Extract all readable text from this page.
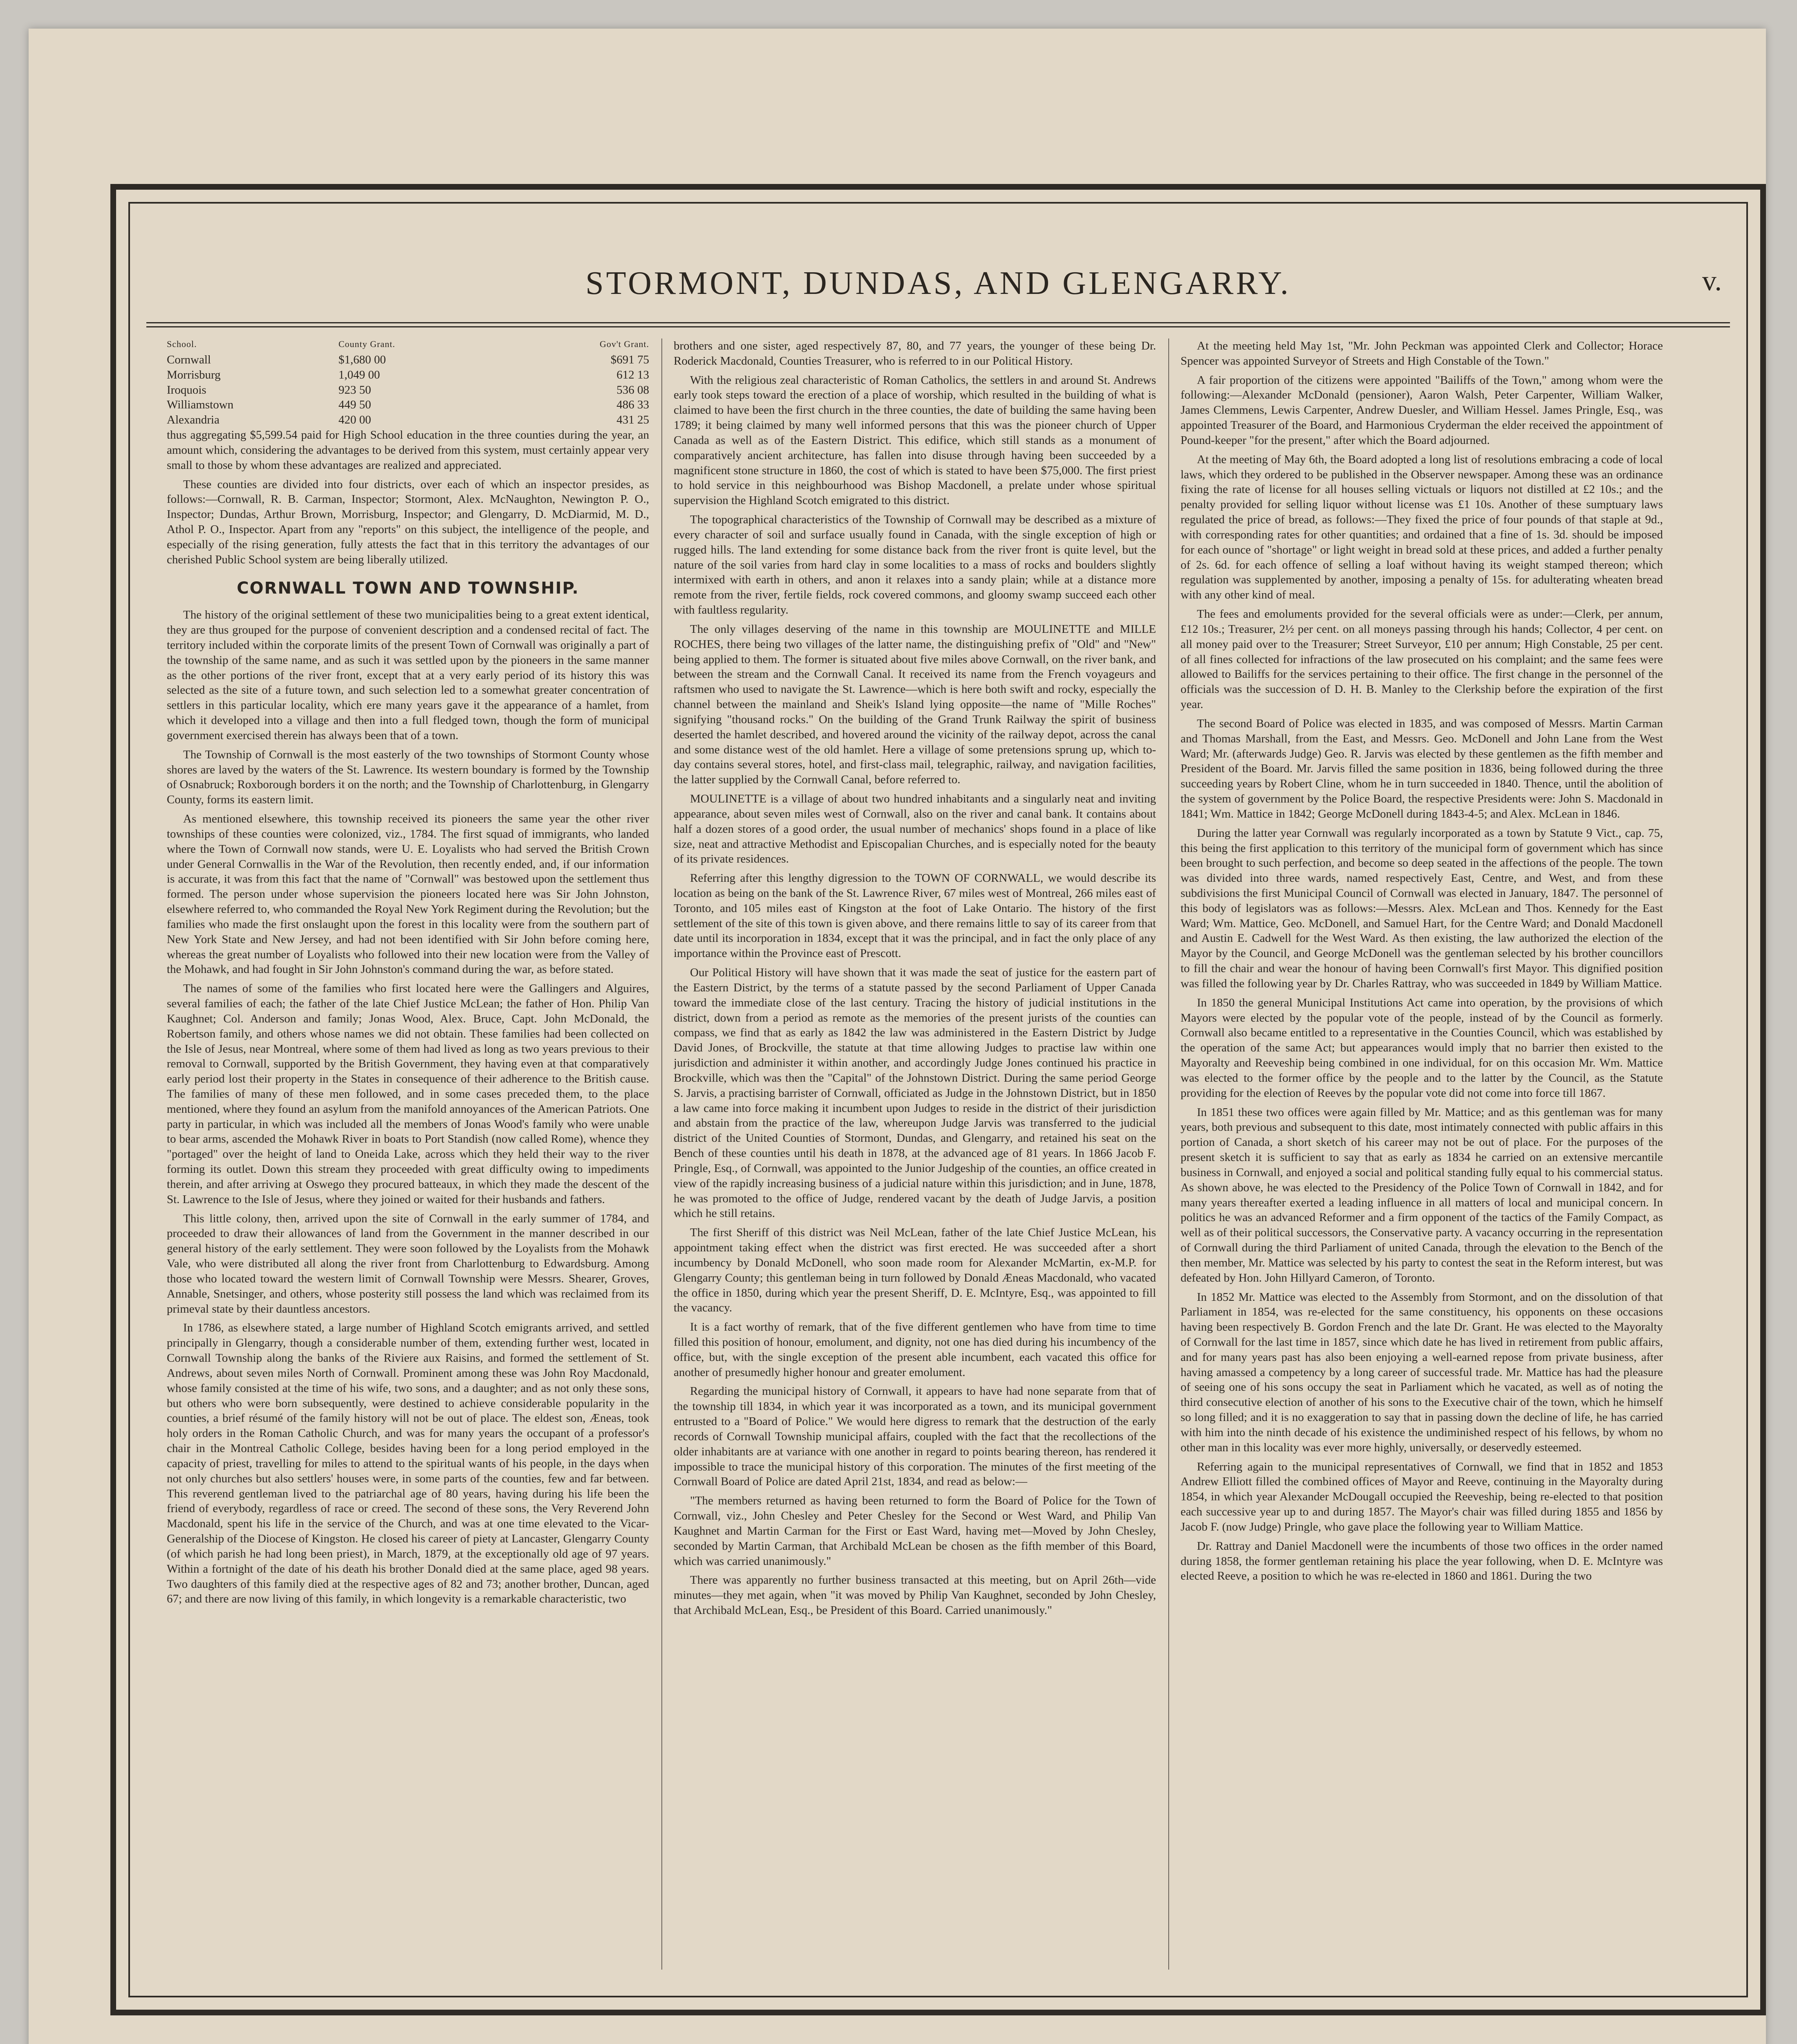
STORMONT, DUNDAS, AND GLENGARRY.	v.
School.	County Grant.	Gov't Grant.
Cornwall	$1,680 00	$691 75
Morrisburg	1,049 00	612 13
Iroquois	923 50	536 08
Williamstown	449 50	486 33
Alexandria	420 00	431 25

thus aggregating $5,599.54 paid for High School education in the three counties during the year, an amount which, considering the advantages to be derived from this system, must certainly appear very small to those by whom these advantages are realized and appreciated.

These counties are divided into four districts, over each of which an inspector presides, as follows:—Cornwall, R. B. Carman, Inspector; Stormont, Alex. McNaughton, Newington P. O., Inspector; Dundas, Arthur Brown, Morrisburg, Inspector; and Glengarry, D. McDiarmid, M. D., Athol P. O., Inspector. Apart from any "reports" on this subject, the intelligence of the people, and especially of the rising generation, fully attests the fact that in this territory the advantages of our cherished Public School system are being liberally utilized.

CORNWALL TOWN AND TOWNSHIP.

The history of the original settlement of these two municipalities being to a great extent identical, they are thus grouped for the purpose of convenient description and a condensed recital of fact. The territory included within the corporate limits of the present Town of Cornwall was originally a part of the township of the same name, and as such it was settled upon by the pioneers in the same manner as the other portions of the river front, except that at a very early period of its history this was selected as the site of a future town, and such selection led to a somewhat greater concentration of settlers in this particular locality, which ere many years gave it the appearance of a hamlet, from which it developed into a village and then into a full fledged town, though the form of municipal government exercised therein has always been that of a town.

The Township of Cornwall is the most easterly of the two townships of Stormont County whose shores are laved by the waters of the St. Lawrence. Its western boundary is formed by the Township of Osnabruck; Roxborough borders it on the north; and the Township of Charlottenburg, in Glengarry County, forms its eastern limit.

As mentioned elsewhere, this township received its pioneers the same year the other river townships of these counties were colonized, viz., 1784. The first squad of immigrants, who landed where the Town of Cornwall now stands, were U. E. Loyalists who had served the British Crown under General Cornwallis in the War of the Revolution, then recently ended, and, if our information is accurate, it was from this fact that the name of "Cornwall" was bestowed upon the settlement thus formed. The person under whose supervision the pioneers located here was Sir John Johnston, elsewhere referred to, who commanded the Royal New York Regiment during the Revolution; but the families who made the first onslaught upon the forest in this locality were from the southern part of New York State and New Jersey, and had not been identified with Sir John before coming here, whereas the great number of Loyalists who followed into their new location were from the Valley of the Mohawk, and had fought in Sir John Johnston's command during the war, as before stated.

The names of some of the families who first located here were the Gallingers and Alguires, several families of each; the father of the late Chief Justice McLean; the father of Hon. Philip Van Kaughnet; Col. Anderson and family; Jonas Wood, Alex. Bruce, Capt. John McDonald, the Robertson family, and others whose names we did not obtain. These families had been collected on the Isle of Jesus, near Montreal, where some of them had lived as long as two years previous to their removal to Cornwall, supported by the British Government, they having even at that comparatively early period lost their property in the States in consequence of their adherence to the British cause. The families of many of these men followed, and in some cases preceded them, to the place mentioned, where they found an asylum from the manifold annoyances of the American Patriots. One party in particular, in which was included all the members of Jonas Wood's family who were unable to bear arms, ascended the Mohawk River in boats to Port Standish (now called Rome), whence they "portaged" over the height of land to Oneida Lake, across which they held their way to the river forming its outlet. Down this stream they proceeded with great difficulty owing to impediments therein, and after arriving at Oswego they procured batteaux, in which they made the descent of the St. Lawrence to the Isle of Jesus, where they joined or waited for their husbands and fathers.

This little colony, then, arrived upon the site of Cornwall in the early summer of 1784, and proceeded to draw their allowances of land from the Government in the manner described in our general history of the early settlement. They were soon followed by the Loyalists from the Mohawk Vale, who were distributed all along the river front from Charlottenburg to Edwardsburg. Among those who located toward the western limit of Cornwall Township were Messrs. Shearer, Groves, Annable, Snetsinger, and others, whose posterity still possess the land which was reclaimed from its primeval state by their dauntless ancestors.

In 1786, as elsewhere stated, a large number of Highland Scotch emigrants arrived, and settled principally in Glengarry, though a considerable number of them, extending further west, located in Cornwall Township along the banks of the Riviere aux Raisins, and formed the settlement of St. Andrews, about seven miles North of Cornwall. Prominent among these was John Roy Macdonald, whose family consisted at the time of his wife, two sons, and a daughter; and as not only these sons, but others who were born subsequently, were destined to achieve considerable popularity in the counties, a brief résumé of the family history will not be out of place. The eldest son, Æneas, took holy orders in the Roman Catholic Church, and was for many years the occupant of a professor's chair in the Montreal Catholic College, besides having been for a long period employed in the capacity of priest, travelling for miles to attend to the spiritual wants of his people, in the days when not only churches but also settlers' houses were, in some parts of the counties, few and far between. This reverend gentleman lived to the patriarchal age of 80 years, having during his life been the friend of everybody, regardless of race or creed. The second of these sons, the Very Reverend John Macdonald, spent his life in the service of the Church, and was at one time elevated to the Vicar-Generalship of the Diocese of Kingston. He closed his career of piety at Lancaster, Glengarry County (of which parish he had long been priest), in March, 1879, at the exceptionally old age of 97 years. Within a fortnight of the date of his death his brother Donald died at the same place, aged 98 years. Two daughters of this family died at the respective ages of 82 and 73; another brother, Duncan, aged 67; and there are now living of this family, in which longevity is a remarkable characteristic, two

brothers and one sister, aged respectively 87, 80, and 77 years, the younger of these being Dr. Roderick Macdonald, Counties Treasurer, who is referred to in our Political History.

With the religious zeal characteristic of Roman Catholics, the settlers in and around St. Andrews early took steps toward the erection of a place of worship, which resulted in the building of what is claimed to have been the first church in the three counties, the date of building the same having been 1789; it being claimed by many well informed persons that this was the pioneer church of Upper Canada as well as of the Eastern District. This edifice, which still stands as a monument of comparatively ancient architecture, has fallen into disuse through having been succeeded by a magnificent stone structure in 1860, the cost of which is stated to have been $75,000. The first priest to hold service in this neighbourhood was Bishop Macdonell, a prelate under whose spiritual supervision the Highland Scotch emigrated to this district.

The topographical characteristics of the Township of Cornwall may be described as a mixture of every character of soil and surface usually found in Canada, with the single exception of high or rugged hills. The land extending for some distance back from the river front is quite level, but the nature of the soil varies from hard clay in some localities to a mass of rocks and boulders slightly intermixed with earth in others, and anon it relaxes into a sandy plain; while at a distance more remote from the river, fertile fields, rock covered commons, and gloomy swamp succeed each other with faultless regularity.

The only villages deserving of the name in this township are MOULINETTE and MILLE ROCHES, there being two villages of the latter name, the distinguishing prefix of "Old" and "New" being applied to them. The former is situated about five miles above Cornwall, on the river bank, and between the stream and the Cornwall Canal. It received its name from the French voyageurs and raftsmen who used to navigate the St. Lawrence—which is here both swift and rocky, especially the channel between the mainland and Sheik's Island lying opposite—the name of "Mille Roches" signifying "thousand rocks." On the building of the Grand Trunk Railway the spirit of business deserted the hamlet described, and hovered around the vicinity of the railway depot, across the canal and some distance west of the old hamlet. Here a village of some pretensions sprung up, which to-day contains several stores, hotel, and first-class mail, telegraphic, railway, and navigation facilities, the latter supplied by the Cornwall Canal, before referred to.

MOULINETTE is a village of about two hundred inhabitants and a singularly neat and inviting appearance, about seven miles west of Cornwall, also on the river and canal bank. It contains about half a dozen stores of a good order, the usual number of mechanics' shops found in a place of like size, neat and attractive Methodist and Episcopalian Churches, and is especially noted for the beauty of its private residences.

Referring after this lengthy digression to the TOWN OF CORNWALL, we would describe its location as being on the bank of the St. Lawrence River, 67 miles west of Montreal, 266 miles east of Toronto, and 105 miles east of Kingston at the foot of Lake Ontario. The history of the first settlement of the site of this town is given above, and there remains little to say of its career from that date until its incorporation in 1834, except that it was the principal, and in fact the only place of any importance within the Province east of Prescott.

Our Political History will have shown that it was made the seat of justice for the eastern part of the Eastern District, by the terms of a statute passed by the second Parliament of Upper Canada toward the immediate close of the last century. Tracing the history of judicial institutions in the district, down from a period as remote as the memories of the present jurists of the counties can compass, we find that as early as 1842 the law was administered in the Eastern District by Judge David Jones, of Brockville, the statute at that time allowing Judges to practise law within one jurisdiction and administer it within another, and accordingly Judge Jones continued his practice in Brockville, which was then the "Capital" of the Johnstown District. During the same period George S. Jarvis, a practising barrister of Cornwall, officiated as Judge in the Johnstown District, but in 1850 a law came into force making it incumbent upon Judges to reside in the district of their jurisdiction and abstain from the practice of the law, whereupon Judge Jarvis was transferred to the judicial district of the United Counties of Stormont, Dundas, and Glengarry, and retained his seat on the Bench of these counties until his death in 1878, at the advanced age of 81 years. In 1866 Jacob F. Pringle, Esq., of Cornwall, was appointed to the Junior Judgeship of the counties, an office created in view of the rapidly increasing business of a judicial nature within this jurisdiction; and in June, 1878, he was promoted to the office of Judge, rendered vacant by the death of Judge Jarvis, a position which he still retains.

The first Sheriff of this district was Neil McLean, father of the late Chief Justice McLean, his appointment taking effect when the district was first erected. He was succeeded after a short incumbency by Donald McDonell, who soon made room for Alexander McMartin, ex-M.P. for Glengarry County; this gentleman being in turn followed by Donald Æneas Macdonald, who vacated the office in 1850, during which year the present Sheriff, D. E. McIntyre, Esq., was appointed to fill the vacancy.

It is a fact worthy of remark, that of the five different gentlemen who have from time to time filled this position of honour, emolument, and dignity, not one has died during his incumbency of the office, but, with the single exception of the present able incumbent, each vacated this office for another of presumedly higher honour and greater emolument.

Regarding the municipal history of Cornwall, it appears to have had none separate from that of the township till 1834, in which year it was incorporated as a town, and its municipal government entrusted to a "Board of Police." We would here digress to remark that the destruction of the early records of Cornwall Township municipal affairs, coupled with the fact that the recollections of the older inhabitants are at variance with one another in regard to points bearing thereon, has rendered it impossible to trace the municipal history of this corporation. The minutes of the first meeting of the Cornwall Board of Police are dated April 21st, 1834, and read as below:—

"The members returned as having been returned to form the Board of Police for the Town of Cornwall, viz., John Chesley and Peter Chesley for the Second or West Ward, and Philip Van Kaughnet and Martin Carman for the First or East Ward, having met—Moved by John Chesley, seconded by Martin Carman, that Archibald McLean be chosen as the fifth member of this Board, which was carried unanimously."

There was apparently no further business transacted at this meeting, but on April 26th—vide minutes—they met again, when "it was moved by Philip Van Kaughnet, seconded by John Chesley, that Archibald McLean, Esq., be President of this Board. Carried unanimously."

At the meeting held May 1st, "Mr. John Peckman was appointed Clerk and Collector; Horace Spencer was appointed Surveyor of Streets and High Constable of the Town."

A fair proportion of the citizens were appointed "Bailiffs of the Town," among whom were the following:—Alexander McDonald (pensioner), Aaron Walsh, Peter Carpenter, William Walker, James Clemmens, Lewis Carpenter, Andrew Duesler, and William Hessel. James Pringle, Esq., was appointed Treasurer of the Board, and Harmonious Cryderman the elder received the appointment of Pound-keeper "for the present," after which the Board adjourned.

At the meeting of May 6th, the Board adopted a long list of resolutions embracing a code of local laws, which they ordered to be published in the Observer newspaper. Among these was an ordinance fixing the rate of license for all houses selling victuals or liquors not distilled at £2 10s.; and the penalty provided for selling liquor without license was £1 10s. Another of these sumptuary laws regulated the price of bread, as follows:—They fixed the price of four pounds of that staple at 9d., with corresponding rates for other quantities; and ordained that a fine of 1s. 3d. should be imposed for each ounce of "shortage" or light weight in bread sold at these prices, and added a further penalty of 2s. 6d. for each offence of selling a loaf without having its weight stamped thereon; which regulation was supplemented by another, imposing a penalty of 15s. for adulterating wheaten bread with any other kind of meal.

The fees and emoluments provided for the several officials were as under:—Clerk, per annum, £12 10s.; Treasurer, 2½ per cent. on all moneys passing through his hands; Collector, 4 per cent. on all money paid over to the Treasurer; Street Surveyor, £10 per annum; High Constable, 25 per cent. of all fines collected for infractions of the law prosecuted on his complaint; and the same fees were allowed to Bailiffs for the services pertaining to their office. The first change in the personnel of the officials was the succession of D. H. B. Manley to the Clerkship before the expiration of the first year.

The second Board of Police was elected in 1835, and was composed of Messrs. Martin Carman and Thomas Marshall, from the East, and Messrs. Geo. McDonell and John Lane from the West Ward; Mr. (afterwards Judge) Geo. R. Jarvis was elected by these gentlemen as the fifth member and President of the Board. Mr. Jarvis filled the same position in 1836, being followed during the three succeeding years by Robert Cline, whom he in turn succeeded in 1840. Thence, until the abolition of the system of government by the Police Board, the respective Presidents were: John S. Macdonald in 1841; Wm. Mattice in 1842; George McDonell during 1843-4-5; and Alex. McLean in 1846.

During the latter year Cornwall was regularly incorporated as a town by Statute 9 Vict., cap. 75, this being the first application to this territory of the municipal form of government which has since been brought to such perfection, and become so deep seated in the affections of the people. The town was divided into three wards, named respectively East, Centre, and West, and from these subdivisions the first Municipal Council of Cornwall was elected in January, 1847. The personnel of this body of legislators was as follows:—Messrs. Alex. McLean and Thos. Kennedy for the East Ward; Wm. Mattice, Geo. McDonell, and Samuel Hart, for the Centre Ward; and Donald Macdonell and Austin E. Cadwell for the West Ward. As then existing, the law authorized the election of the Mayor by the Council, and George McDonell was the gentleman selected by his brother councillors to fill the chair and wear the honour of having been Cornwall's first Mayor. This dignified position was filled the following year by Dr. Charles Rattray, who was succeeded in 1849 by William Mattice.

In 1850 the general Municipal Institutions Act came into operation, by the provisions of which Mayors were elected by the popular vote of the people, instead of by the Council as formerly. Cornwall also became entitled to a representative in the Counties Council, which was established by the operation of the same Act; but appearances would imply that no barrier then existed to the Mayoralty and Reeveship being combined in one individual, for on this occasion Mr. Wm. Mattice was elected to the former office by the people and to the latter by the Council, as the Statute providing for the election of Reeves by the popular vote did not come into force till 1867.

In 1851 these two offices were again filled by Mr. Mattice; and as this gentleman was for many years, both previous and subsequent to this date, most intimately connected with public affairs in this portion of Canada, a short sketch of his career may not be out of place. For the purposes of the present sketch it is sufficient to say that as early as 1834 he carried on an extensive mercantile business in Cornwall, and enjoyed a social and political standing fully equal to his commercial status. As shown above, he was elected to the Presidency of the Police Town of Cornwall in 1842, and for many years thereafter exerted a leading influence in all matters of local and municipal concern. In politics he was an advanced Reformer and a firm opponent of the tactics of the Family Compact, as well as of their political successors, the Conservative party. A vacancy occurring in the representation of Cornwall during the third Parliament of united Canada, through the elevation to the Bench of the then member, Mr. Mattice was selected by his party to contest the seat in the Reform interest, but was defeated by Hon. John Hillyard Cameron, of Toronto.

In 1852 Mr. Mattice was elected to the Assembly from Stormont, and on the dissolution of that Parliament in 1854, was re-elected for the same constituency, his opponents on these occasions having been respectively B. Gordon French and the late Dr. Grant. He was elected to the Mayoralty of Cornwall for the last time in 1857, since which date he has lived in retirement from public affairs, and for many years past has also been enjoying a well-earned repose from private business, after having amassed a competency by a long career of successful trade. Mr. Mattice has had the pleasure of seeing one of his sons occupy the seat in Parliament which he vacated, as well as of noting the third consecutive election of another of his sons to the Executive chair of the town, which he himself so long filled; and it is no exaggeration to say that in passing down the decline of life, he has carried with him into the ninth decade of his existence the undiminished respect of his fellows, by whom no other man in this locality was ever more highly, universally, or deservedly esteemed.

Referring again to the municipal representatives of Cornwall, we find that in 1852 and 1853 Andrew Elliott filled the combined offices of Mayor and Reeve, continuing in the Mayoralty during 1854, in which year Alexander McDougall occupied the Reeveship, being re-elected to that position each successive year up to and during 1857. The Mayor's chair was filled during 1855 and 1856 by Jacob F. (now Judge) Pringle, who gave place the following year to William Mattice.

Dr. Rattray and Daniel Macdonell were the incumbents of those two offices in the order named during 1858, the former gentleman retaining his place the year following, when D. E. McIntyre was elected Reeve, a position to which he was re-elected in 1860 and 1861. During the two
